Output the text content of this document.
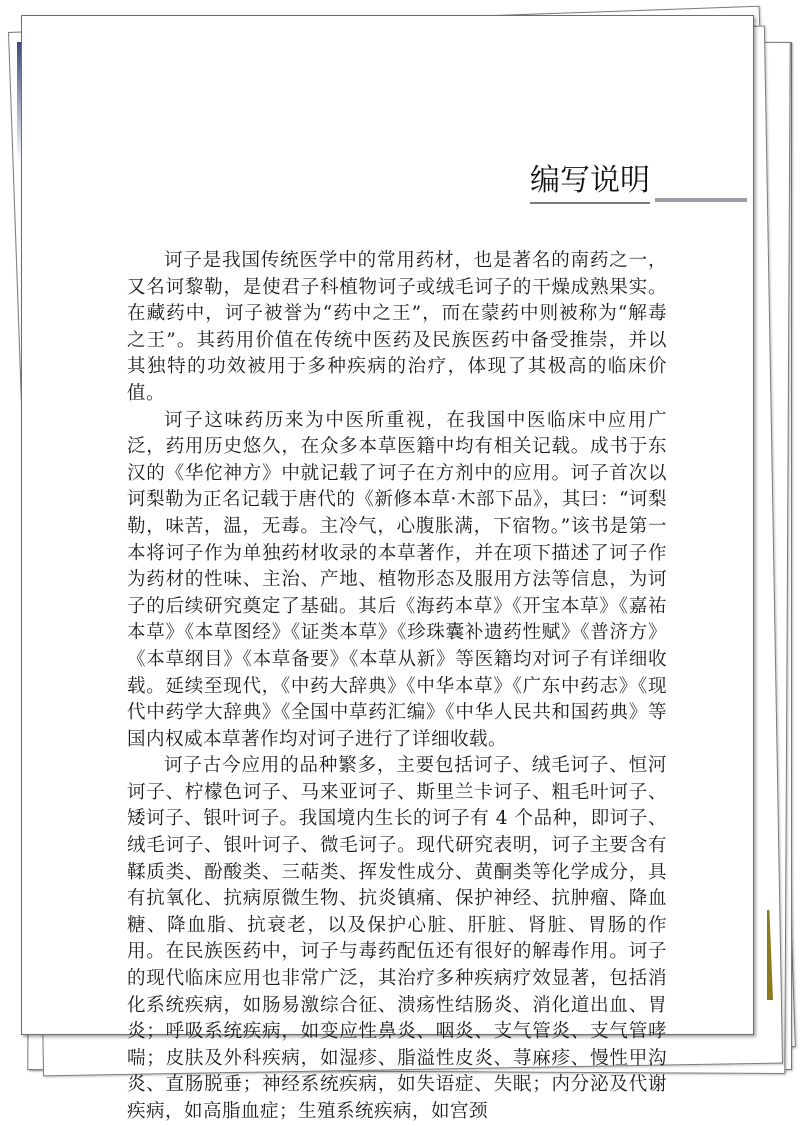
编写说明

诃子是我国传统医学中的常用药材，也是著名的南药之一，又名诃黎勒，是使君子科植物诃子或绒毛诃子的干燥成熟果实。在藏药中，诃子被誉为“药中之王”，而在蒙药中则被称为“解毒之王”。其药用价值在传统中医药及民族医药中备受推崇，并以其独特的功效被用于多种疾病的治疗，体现了其极高的临床价值。

诃子这味药历来为中医所重视，在我国中医临床中应用广泛，药用历史悠久，在众多本草医籍中均有相关记载。成书于东汉的《华佗神方》中就记载了诃子在方剂中的应用。诃子首次以诃梨勒为正名记载于唐代的《新修本草·木部下品》，其曰：“诃梨勒，味苦，温，无毒。主冷气，心腹胀满，下宿物。”该书是第一本将诃子作为单独药材收录的本草著作，并在项下描述了诃子作为药材的性味、主治、产地、植物形态及服用方法等信息，为诃子的后续研究奠定了基础。其后《海药本草》《开宝本草》《嘉祐本草》《本草图经》《证类本草》《珍珠囊补遗药性赋》《普济方》《本草纲目》《本草备要》《本草从新》等医籍均对诃子有详细收载。延续至现代，《中药大辞典》《中华本草》《广东中药志》《现代中药学大辞典》《全国中草药汇编》《中华人民共和国药典》等国内权威本草著作均对诃子进行了详细收载。

诃子古今应用的品种繁多，主要包括诃子、绒毛诃子、恒河诃子、柠檬色诃子、马来亚诃子、斯里兰卡诃子、粗毛叶诃子、矮诃子、银叶诃子。我国境内生长的诃子有 4 个品种，即诃子、绒毛诃子、银叶诃子、微毛诃子。现代研究表明，诃子主要含有鞣质类、酚酸类、三萜类、挥发性成分、黄酮类等化学成分，具有抗氧化、抗病原微生物、抗炎镇痛、保护神经、抗肿瘤、降血糖、降血脂、抗衰老，以及保护心脏、肝脏、肾脏、胃肠的作用。在民族医药中，诃子与毒药配伍还有很好的解毒作用。诃子的现代临床应用也非常广泛，其治疗多种疾病疗效显著，包括消化系统疾病，如肠易激综合征、溃疡性结肠炎、消化道出血、胃炎；呼吸系统疾病，如变应性鼻炎、咽炎、支气管炎、支气管哮喘；皮肤及外科疾病，如湿疹、脂溢性皮炎、荨麻疹、慢性甲沟炎、直肠脱垂；神经系统疾病，如失语症、失眠；内分泌及代谢疾病，如高脂血症；生殖系统疾病，如宫颈
